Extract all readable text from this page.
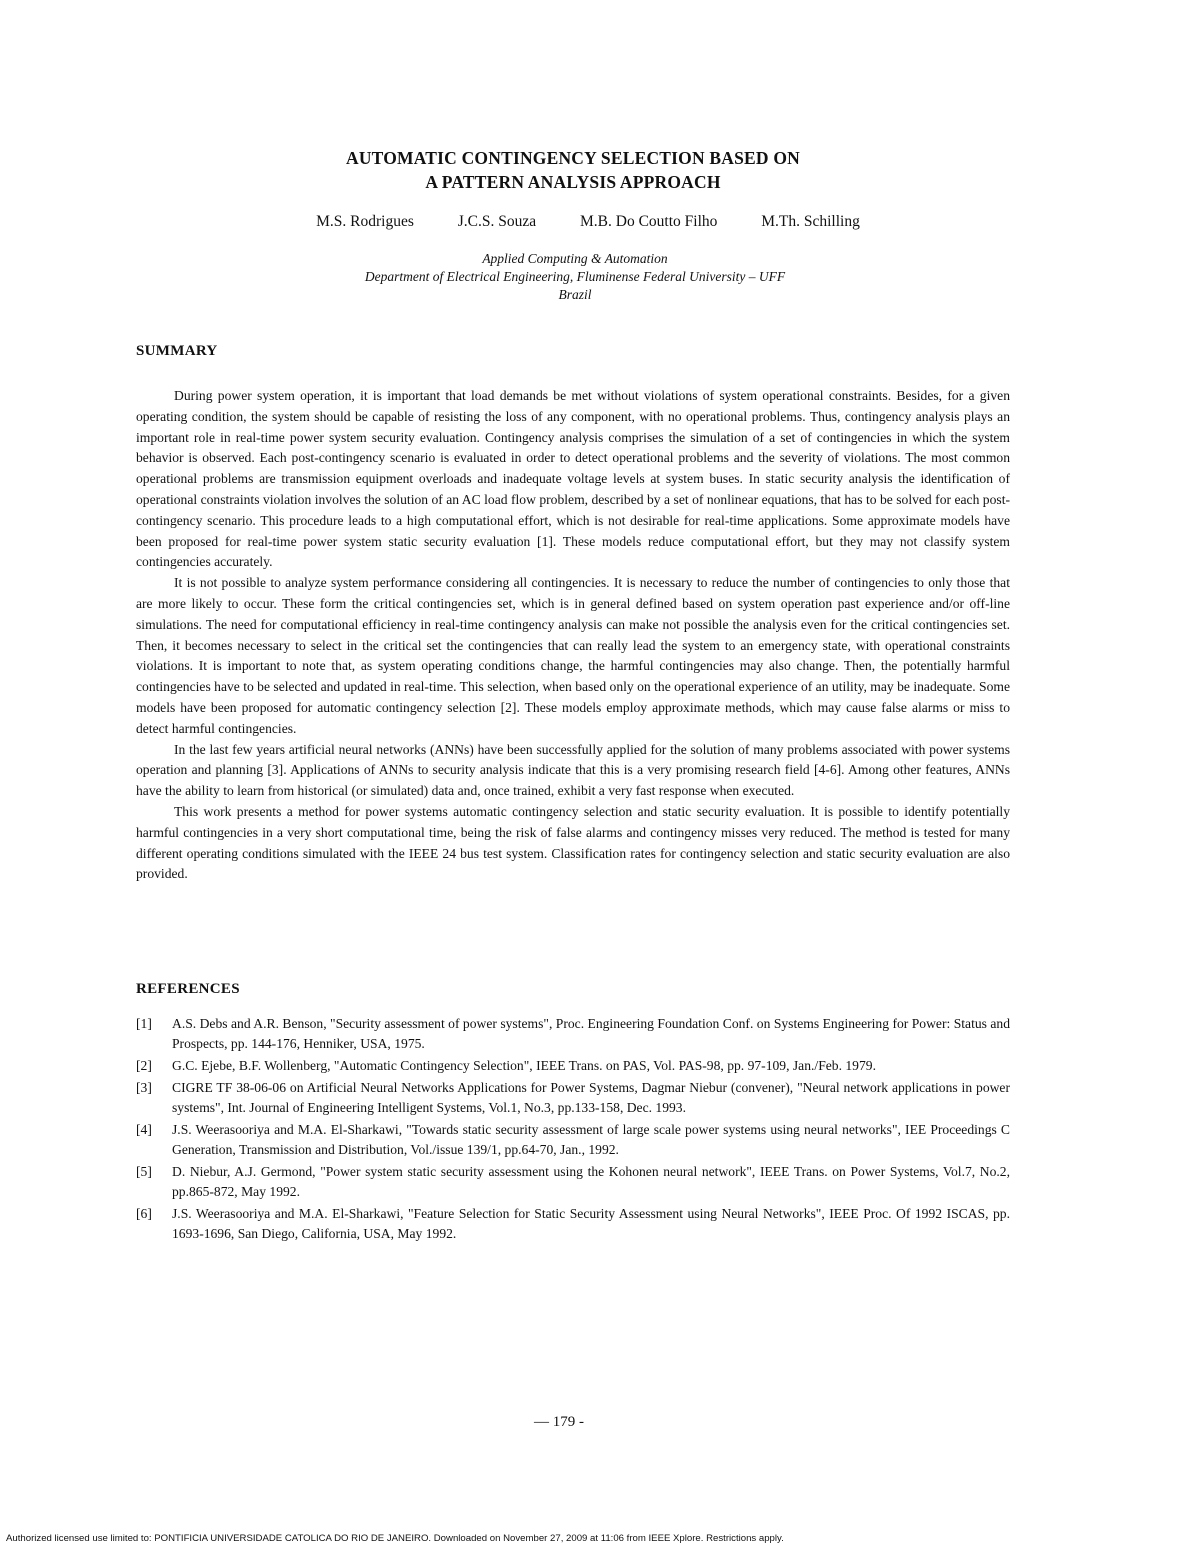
AUTOMATIC CONTINGENCY SELECTION BASED ON
A PATTERN ANALYSIS APPROACH
M.S. Rodrigues	J.C.S. Souza	M.B. Do Coutto Filho	M.Th. Schilling
Applied Computing & Automation
Department of Electrical Engineering, Fluminense Federal University – UFF
Brazil
SUMMARY

During power system operation, it is important that load demands be met without violations of system operational constraints. Besides, for a given operating condition, the system should be capable of resisting the loss of any component, with no operational problems. Thus, contingency analysis plays an important role in real-time power system security evaluation. Contingency analysis comprises the simulation of a set of contingencies in which the system behavior is observed. Each post-contingency scenario is evaluated in order to detect operational problems and the severity of violations. The most common operational problems are transmission equipment overloads and inadequate voltage levels at system buses. In static security analysis the identification of operational constraints violation involves the solution of an AC load flow problem, described by a set of nonlinear equations, that has to be solved for each post-contingency scenario. This procedure leads to a high computational effort, which is not desirable for real-time applications. Some approximate models have been proposed for real-time power system static security evaluation [1]. These models reduce computational effort, but they may not classify system contingencies accurately.

It is not possible to analyze system performance considering all contingencies. It is necessary to reduce the number of contingencies to only those that are more likely to occur. These form the critical contingencies set, which is in general defined based on system operation past experience and/or off-line simulations. The need for computational efficiency in real-time contingency analysis can make not possible the analysis even for the critical contingencies set. Then, it becomes necessary to select in the critical set the contingencies that can really lead the system to an emergency state, with operational constraints violations. It is important to note that, as system operating conditions change, the harmful contingencies may also change. Then, the potentially harmful contingencies have to be selected and updated in real-time. This selection, when based only on the operational experience of an utility, may be inadequate. Some models have been proposed for automatic contingency selection [2]. These models employ approximate methods, which may cause false alarms or miss to detect harmful contingencies.

In the last few years artificial neural networks (ANNs) have been successfully applied for the solution of many problems associated with power systems operation and planning [3]. Applications of ANNs to security analysis indicate that this is a very promising research field [4-6]. Among other features, ANNs have the ability to learn from historical (or simulated) data and, once trained, exhibit a very fast response when executed.

This work presents a method for power systems automatic contingency selection and static security evaluation. It is possible to identify potentially harmful contingencies in a very short computational time, being the risk of false alarms and contingency misses very reduced. The method is tested for many different operating conditions simulated with the IEEE 24 bus test system. Classification rates for contingency selection and static security evaluation are also provided.

REFERENCES
[1]	A.S. Debs and A.R. Benson, "Security assessment of power systems", Proc. Engineering Foundation Conf. on Systems Engineering for Power: Status and Prospects, pp. 144-176, Henniker, USA, 1975.
[2]	G.C. Ejebe, B.F. Wollenberg, "Automatic Contingency Selection", IEEE Trans. on PAS, Vol. PAS-98, pp. 97-109, Jan./Feb. 1979.
[3]	CIGRE TF 38-06-06 on Artificial Neural Networks Applications for Power Systems, Dagmar Niebur (convener), "Neural network applications in power systems", Int. Journal of Engineering Intelligent Systems, Vol.1, No.3, pp.133-158, Dec. 1993.
[4]	J.S. Weerasooriya and M.A. El-Sharkawi, "Towards static security assessment of large scale power systems using neural networks", IEE Proceedings C Generation, Transmission and Distribution, Vol./issue 139/1, pp.64-70, Jan., 1992.
[5]	D. Niebur, A.J. Germond, "Power system static security assessment using the Kohonen neural network", IEEE Trans. on Power Systems, Vol.7, No.2, pp.865-872, May 1992.
[6]	J.S. Weerasooriya and M.A. El-Sharkawi, "Feature Selection for Static Security Assessment using Neural Networks", IEEE Proc. Of 1992 ISCAS, pp. 1693-1696, San Diego, California, USA, May 1992.
— 179 -
Authorized licensed use limited to: PONTIFICIA UNIVERSIDADE CATOLICA DO RIO DE JANEIRO. Downloaded on November 27, 2009 at 11:06 from IEEE Xplore. Restrictions apply.
